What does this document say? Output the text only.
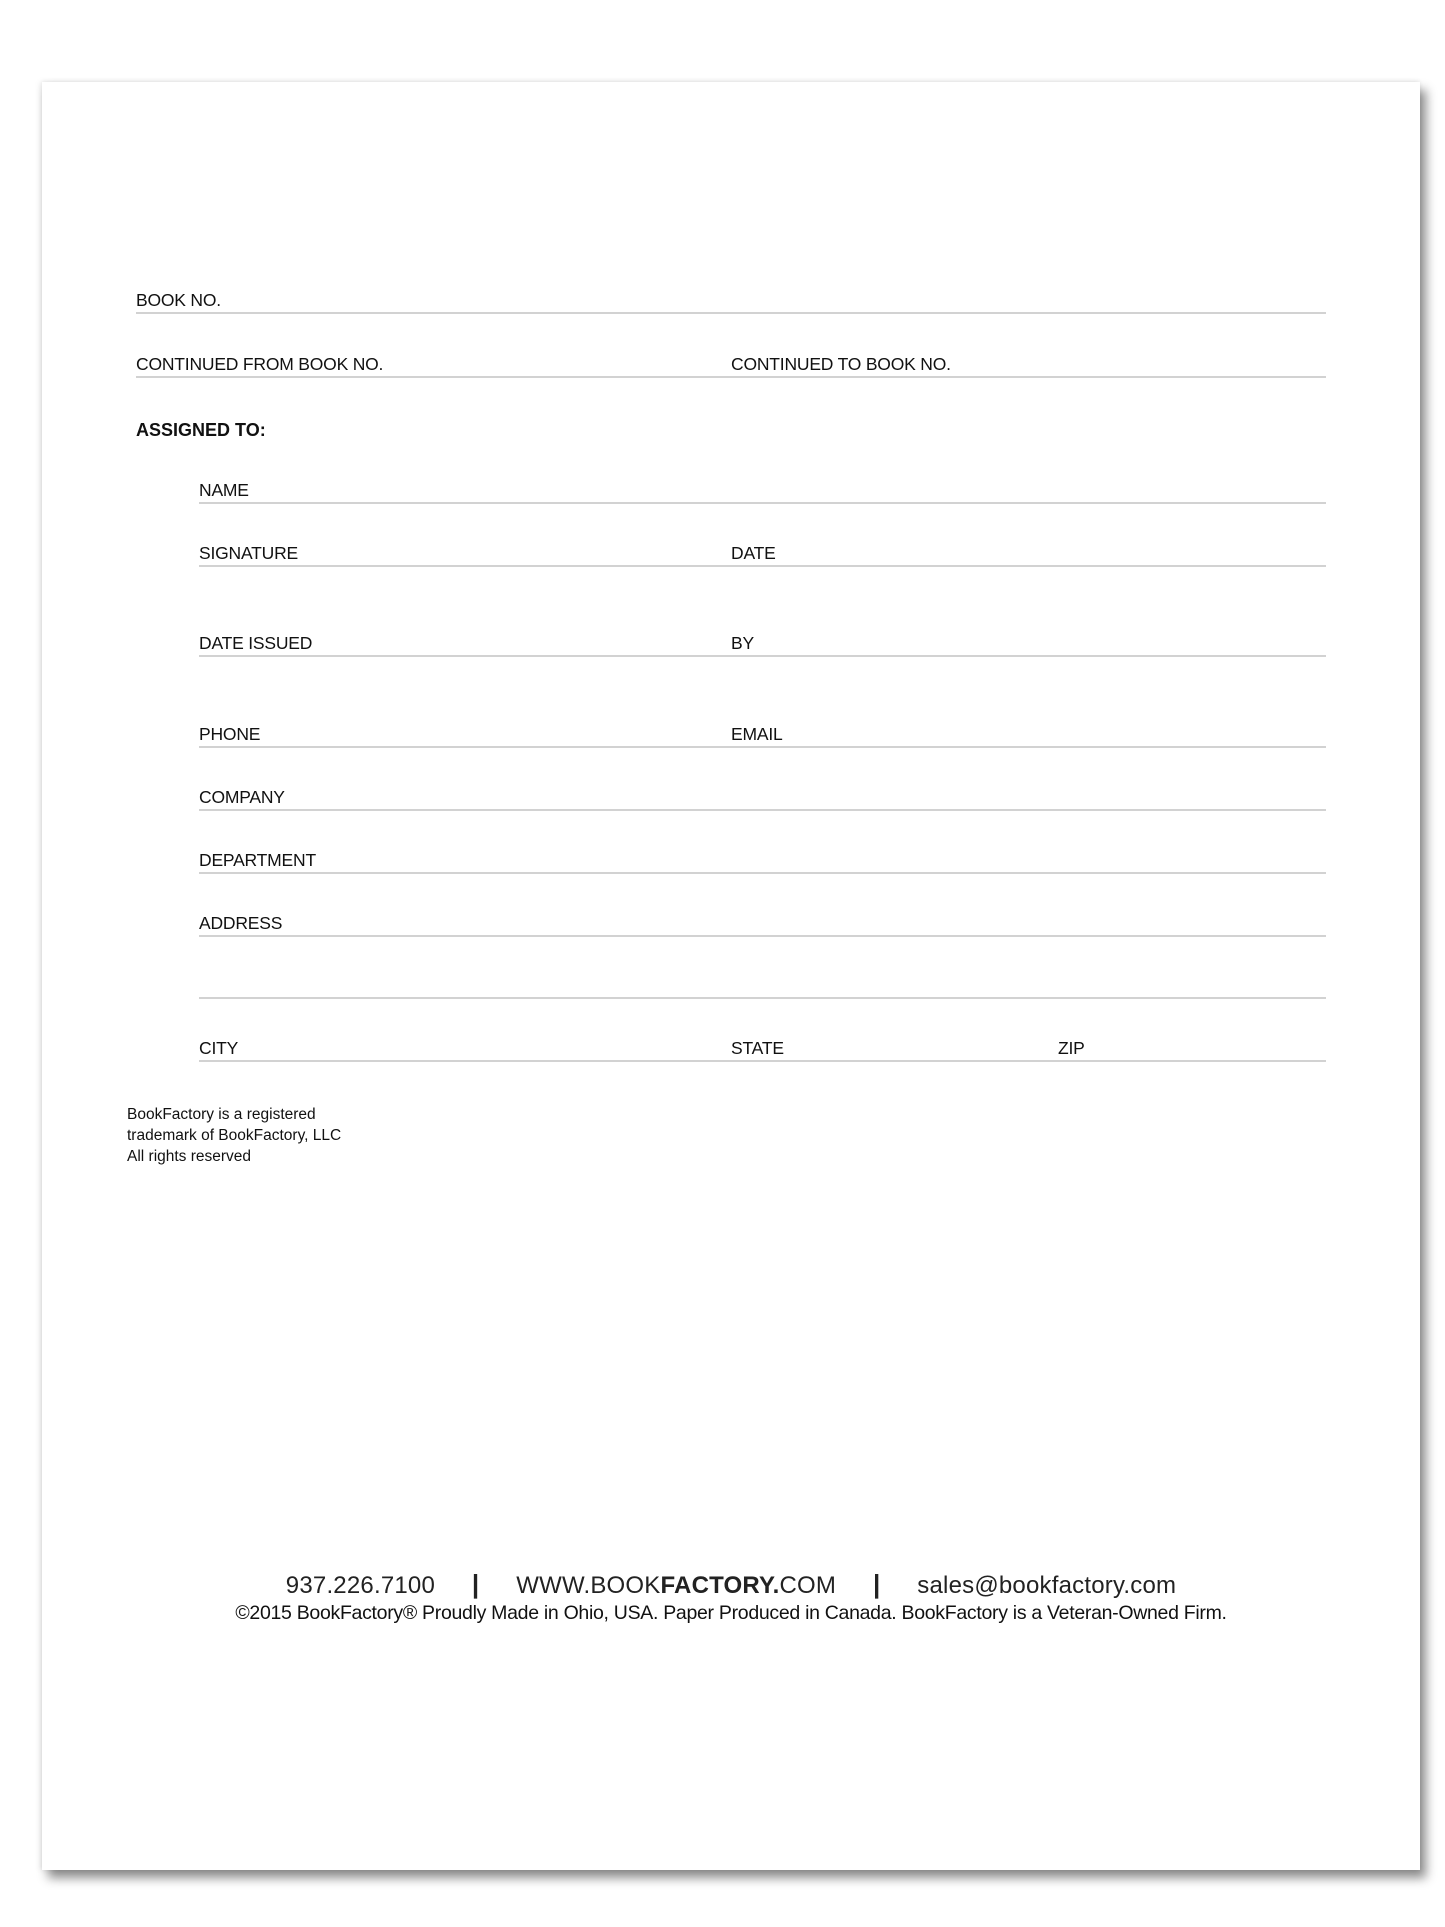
BOOK NO.
CONTINUED FROM BOOK NO.	CONTINUED TO BOOK NO.
ASSIGNED TO:
NAME
SIGNATURE	DATE
DATE ISSUED	BY
PHONE	EMAIL
COMPANY
DEPARTMENT
ADDRESS
CITY	STATE	ZIP
BookFactory is a registered
trademark of BookFactory, LLC
All rights reserved
937.226.7100 | WWW.BOOKFACTORY.COM | sales@bookfactory.com
©2015 BookFactory® Proudly Made in Ohio, USA. Paper Produced in Canada. BookFactory is a Veteran-Owned Firm.
